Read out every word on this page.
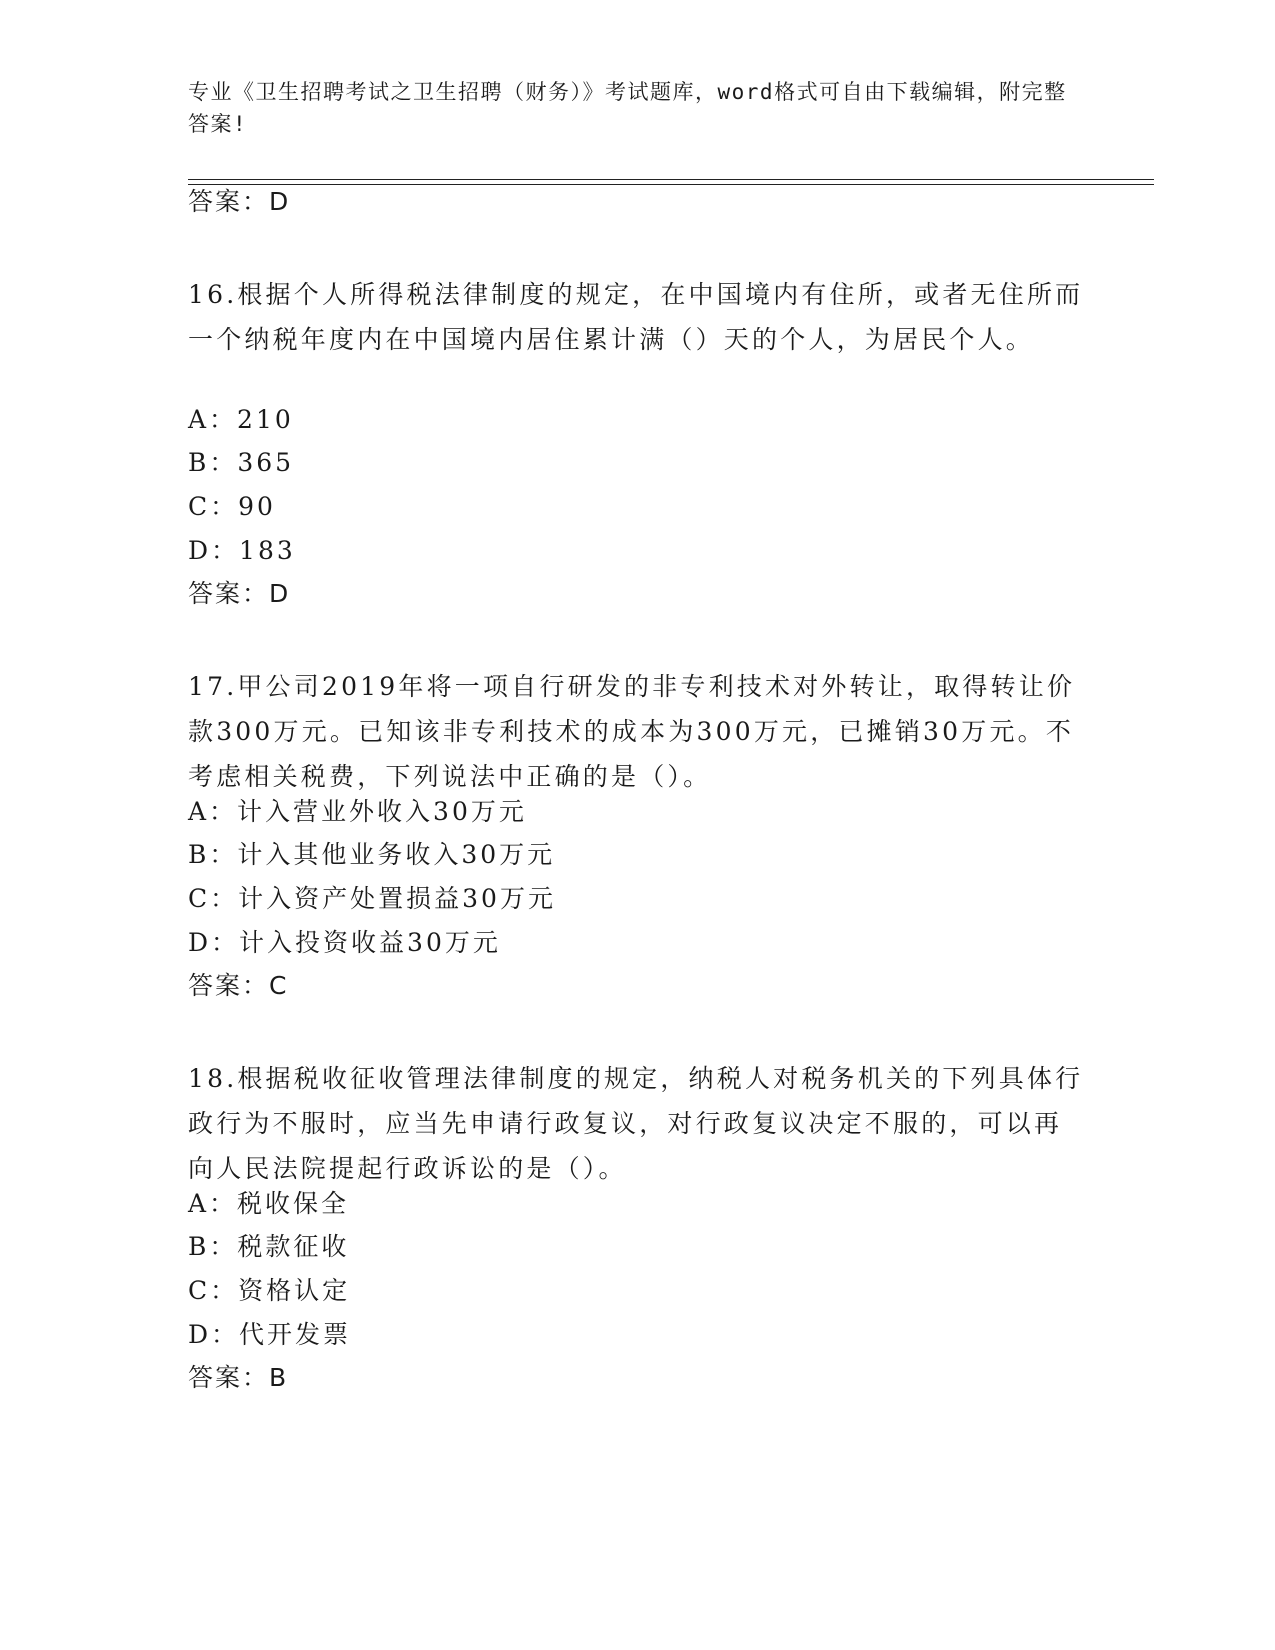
专业《卫生招聘考试之卫生招聘（财务）》考试题库，word格式可自由下载编辑，附完整答案!
答案：D
16.根据个人所得税法律制度的规定，在中国境内有住所，或者无住所而一个纳税年度内在中国境内居住累计满（）天的个人，为居民个人。
A：210
B：365
C：90
D：183
答案：D
17.甲公司2019年将一项自行研发的非专利技术对外转让，取得转让价款300万元。已知该非专利技术的成本为300万元，已摊销30万元。不考虑相关税费，下列说法中正确的是（）。
A：计入营业外收入30万元
B：计入其他业务收入30万元
C：计入资产处置损益30万元
D：计入投资收益30万元
答案：C
18.根据税收征收管理法律制度的规定，纳税人对税务机关的下列具体行政行为不服时，应当先申请行政复议，对行政复议决定不服的，可以再向人民法院提起行政诉讼的是（）。
A：税收保全
B：税款征收
C：资格认定
D：代开发票
答案：B
